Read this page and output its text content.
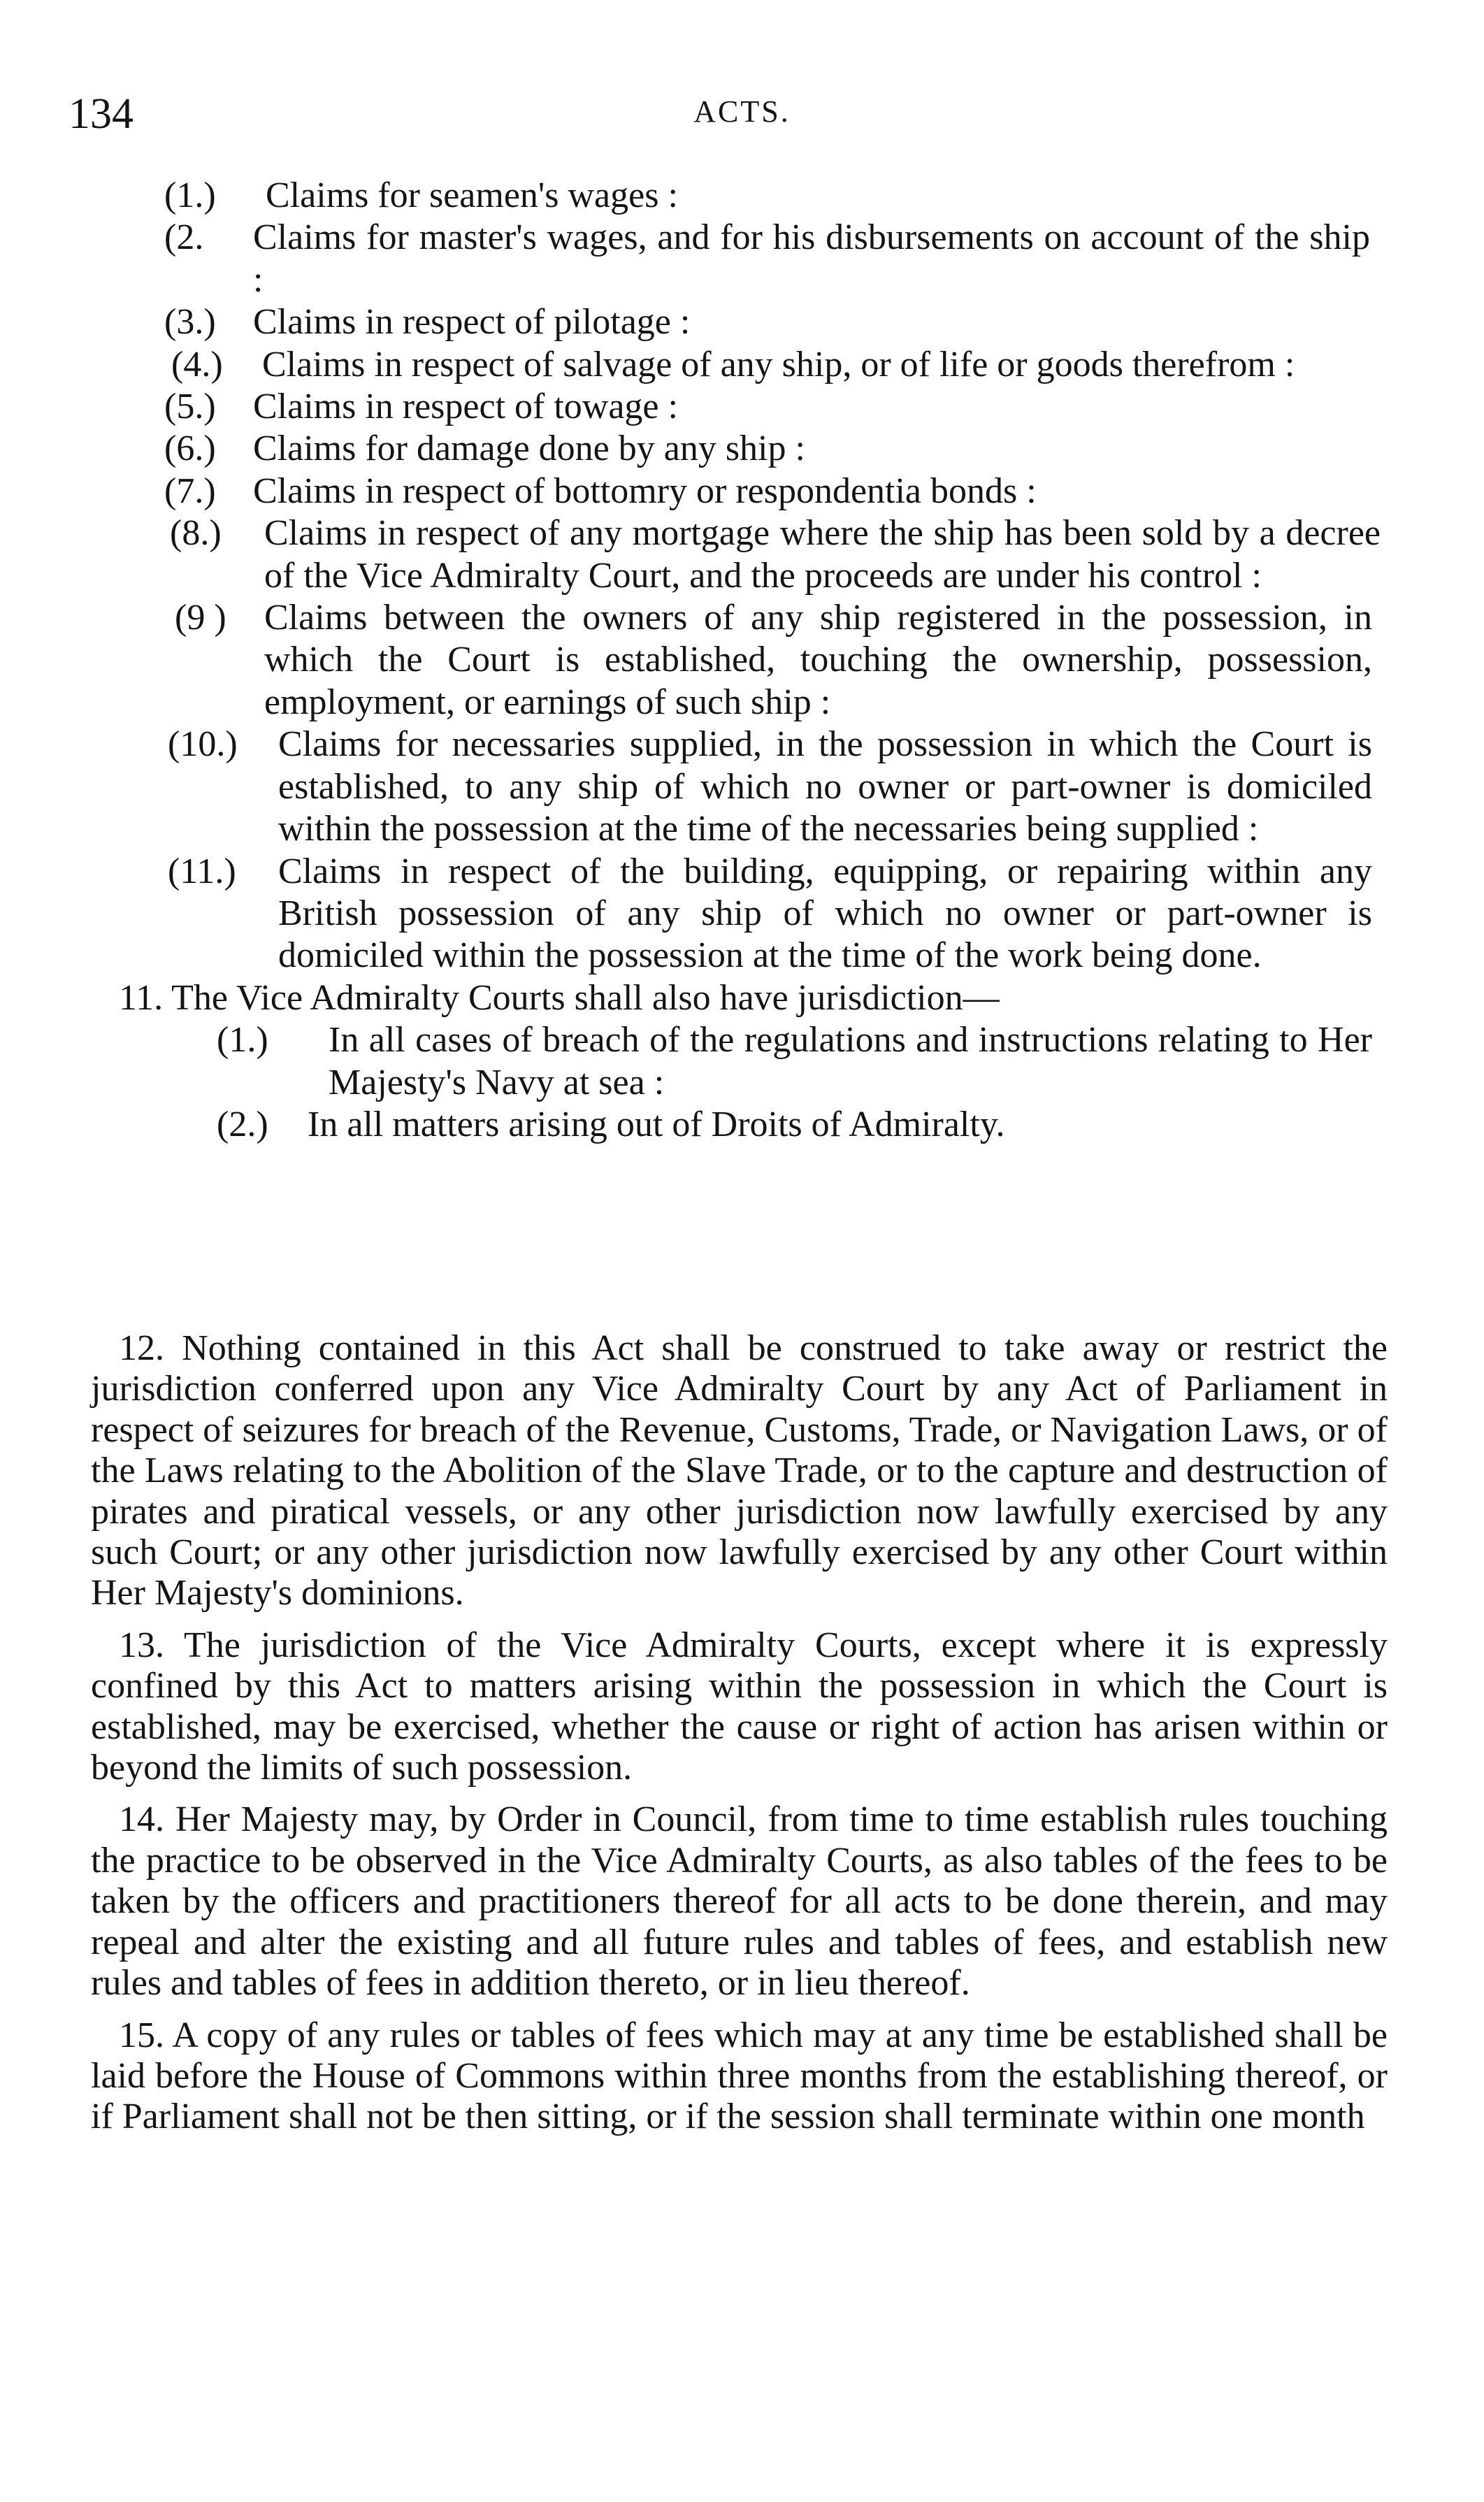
134	ACTS.
(1.) Claims for seamen's wages :
(2. Claims for master's wages, and for his disbursements on account of the ship :
(3.) Claims in respect of pilotage :
(4.) Claims in respect of salvage of any ship, or of life or goods therefrom :
(5.) Claims in respect of towage :
(6.) Claims for damage done by any ship :
(7.) Claims in respect of bottomry or respondentia bonds :
(8.) Claims in respect of any mortgage where the ship has been sold by a decree of the Vice Admiralty Court, and the proceeds are under his control :
(9 ) Claims between the owners of any ship registered in the possession, in which the Court is established, touching the ownership, possession, employment, or earnings of such ship :
(10.) Claims for necessaries supplied, in the possession in which the Court is established, to any ship of which no owner or part-owner is domiciled within the possession at the time of the necessaries being supplied :
(11.) Claims in respect of the building, equipping, or repairing within any British possession of any ship of which no owner or part-owner is domiciled within the possession at the time of the work being done.
11. The Vice Admiralty Courts shall also have jurisdiction—
(1.) In all cases of breach of the regulations and instructions relating to Her Majesty's Navy at sea :
(2.) In all matters arising out of Droits of Admiralty.

12. Nothing contained in this Act shall be construed to take away or restrict the jurisdiction conferred upon any Vice Admiralty Court by any Act of Parliament in respect of seizures for breach of the Revenue, Customs, Trade, or Navigation Laws, or of the Laws relating to the Abolition of the Slave Trade, or to the capture and destruction of pirates and piratical vessels, or any other jurisdiction now lawfully exercised by any such Court; or any other jurisdiction now lawfully exercised by any other Court within Her Majesty's dominions.

13. The jurisdiction of the Vice Admiralty Courts, except where it is expressly confined by this Act to matters arising within the possession in which the Court is established, may be exercised, whether the cause or right of action has arisen within or beyond the limits of such possession.

14. Her Majesty may, by Order in Council, from time to time establish rules touching the practice to be observed in the Vice Admiralty Courts, as also tables of the fees to be taken by the officers and practitioners thereof for all acts to be done therein, and may repeal and alter the existing and all future rules and tables of fees, and establish new rules and tables of fees in addition thereto, or in lieu thereof.

15. A copy of any rules or tables of fees which may at any time be established shall be laid before the House of Commons within three months from the establishing thereof, or if Parliament shall not be then sitting, or if the session shall terminate within one month
